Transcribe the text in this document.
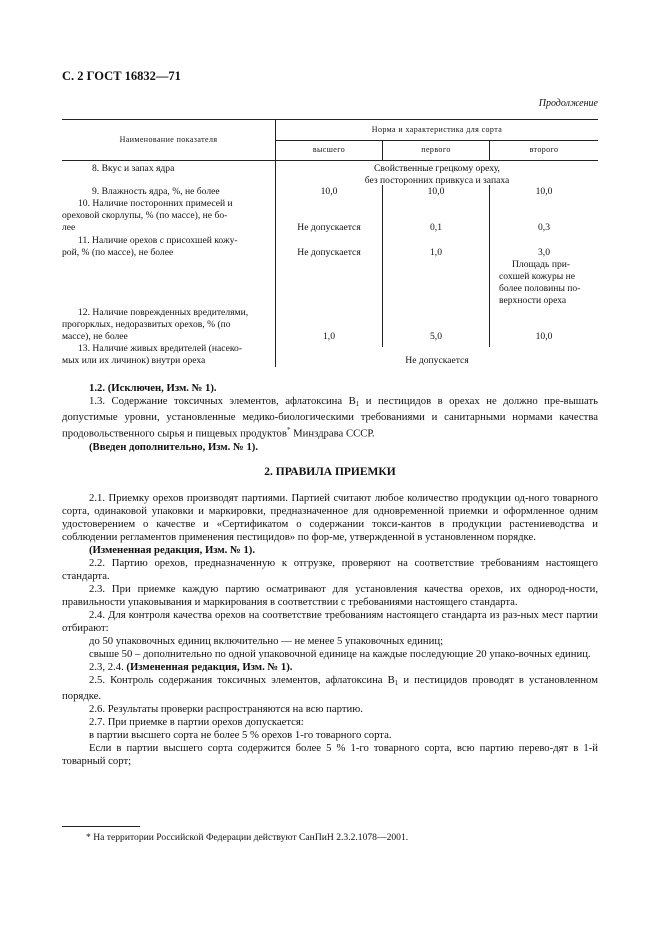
С. 2 ГОСТ 16832—71
Продолжение
Наименование показателя
Норма и характеристика для сорта
высшего	первого	второго
8. Вкус и запах ядра	Свойственные грецкому ореху,
без посторонних привкуса и запаха
9. Влажность ядра, %, не более	10,0	10,0	10,0
10. Наличие посторонних примесей и
ореховой скорлупы, % (по массе), не бо-
лее	Не допускается	0,1	0,3
11. Наличие орехов с присохшей кожу-
рой, % (по массе), не более	Не допускается	1,0	3,0
Площадь при-
сохшей кожуры не
более половины по-
верхности ореха
12. Наличие поврежденных вредителями,
прогорклых, недоразвитых орехов, % (по
массе), не более	1,0	5,0	10,0
13. Наличие живых вредителей (насеко-
мых или их личинок) внутри ореха	Не допускается

1.2. (Исключен, Изм. № 1).

1.3. Содержание токсичных элементов, афлатоксина $B_1$ и пестицидов в орехах не должно пре-вышать допустимые уровни, установленные медико-биологическими требованиями и санитарными нормами качества продовольственного сырья и пищевых продуктов* Минздрава СССР.

(Введен дополнительно, Изм. № 1).

2. ПРАВИЛА ПРИЕМКИ

2.1. Приемку орехов производят партиями. Партией считают любое количество продукции од-ного товарного сорта, одинаковой упаковки и маркировки, предназначенное для одновременной приемки и оформленное одним удостоверением о качестве и «Сертификатом о содержании токси-кантов в продукции растениеводства и соблюдении регламентов применения пестицидов» по фор-ме, утвержденной в установленном порядке.

(Измененная редакция, Изм. № 1).

2.2. Партию орехов, предназначенную к отгрузке, проверяют на соответствие требованиям настоящего стандарта.

2.3. При приемке каждую партию осматривают для установления качества орехов, их однород-ности, правильности упаковывания и маркирования в соответствии с требованиями настоящего стандарта.

2.4. Для контроля качества орехов на соответствие требованиям настоящего стандарта из раз-ных мест партии отбирают:

до 50 упаковочных единиц включительно — не менее 5 упаковочных единиц;

свыше 50 – дополнительно по одной упаковочной единице на каждые последующие 20 упако-вочных единиц.

2.3, 2.4. (Измененная редакция, Изм. № 1).

2.5. Контроль содержания токсичных элементов, афлатоксина $B_1$ и пестицидов проводят в установленном порядке.

2.6. Результаты проверки распространяются на всю партию.

2.7. При приемке в партии орехов допускается:

в партии высшего сорта не более 5 % орехов 1-го товарного сорта.

Если в партии высшего сорта содержится более 5 % 1-го товарного сорта, всю партию перево-дят в 1-й товарный сорт;

* На территории Российской Федерации действуют СанПиН 2.3.2.1078—2001.
